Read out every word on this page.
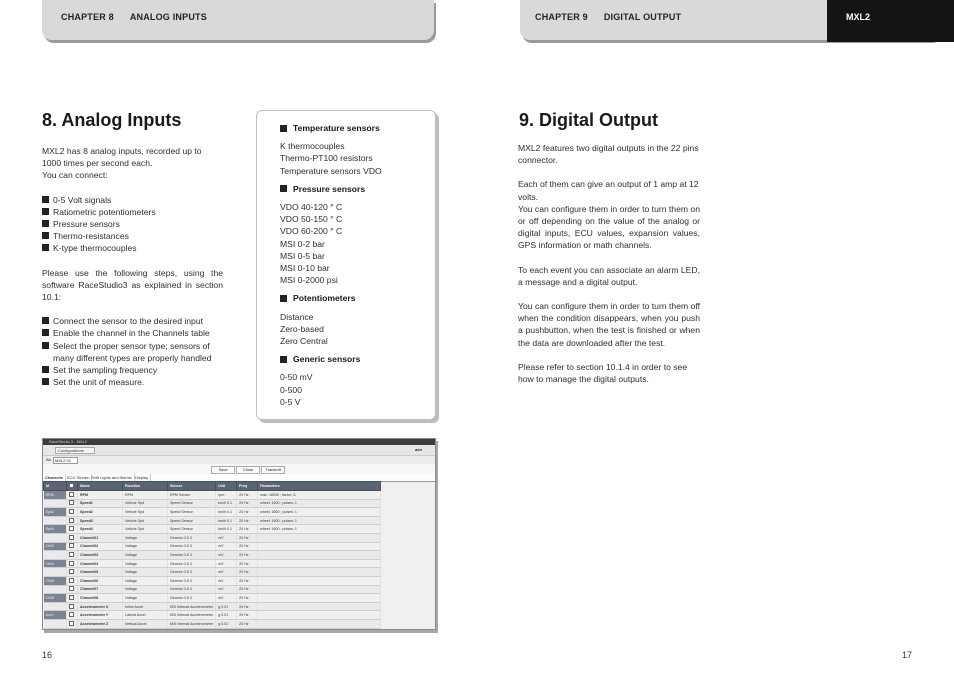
CHAPTER 8 ANALOG INPUTS	CHAPTER 9 DIGITAL OUTPUT	MXL2
8. Analog Inputs

MXL2 has 8 analog inputs, recorded up to 1000 times per second each.

You can connect:

0-5 Volt signals
Ratiometric potentiometers
Pressure sensors
Thermo-resistances
K-type thermocouples

Please use the following steps, using the software RaceStudio3 as explained in section 10.1:

Connect the sensor to the desired input
Enable the channel in the Channels table
Select the proper sensor type; sensors of many different types are properly handled
Set the sampling frequency
Set the unit of measure.
Temperature sensors
K thermocouples
Thermo-PT100 resistors
Temperature sensors VDO
Pressure sensors
VDO 40-120 ° C
VDO 50-150 ° C
VDO 60-200 ° C
MSI 0-2 bar
MSI 0-5 bar
MSI 0-10 bar
MSI 0-2000 psi
Potentiometers
Distance
Zero-based
Zero Central
Generic sensors
0-50 mV
0-500
0-5 V
RaceStudio 3 - MXL2
Configurations	aim
Ab	MXL2 01
Save	Close	Transmit
Channels ECU Stream Shift Lights and Alarms Display
Id		Name	Function	Sensor	Unit	Freq	Parameters
RPM		RPM	RPM	RPM Sensor	rpm	20 Hz	max: 16000 ; factor: /1
Spd1		Speed1	Vehicle Spd	Speed Sensor	km/h 0.1	20 Hz	wheel: 1600 ; pulses: 1
Spd2		Speed2	Vehicle Spd	Speed Sensor	km/h 0.1	20 Hz	wheel: 1600 ; pulses: 1
Spd3		Speed3	Vehicle Spd	Speed Sensor	km/h 0.1	20 Hz	wheel: 1600 ; pulses: 1
Spd4		Speed4	Vehicle Spd	Speed Sensor	km/h 0.1	20 Hz	wheel: 1600 ; pulses: 1
Ch01		Channel01	Voltage	Generic 0-5 V	mV	20 Hz	
Ch02		Channel02	Voltage	Generic 0-5 V	mV	20 Hz	
Ch03		Channel03	Voltage	Generic 0-5 V	mV	20 Hz	
Ch04		Channel04	Voltage	Generic 0-5 V	mV	20 Hz	
Ch05		Channel05	Voltage	Generic 0-5 V	mV	20 Hz	
Ch06		Channel06	Voltage	Generic 0-5 V	mV	20 Hz	
Ch07		Channel07	Voltage	Generic 0-5 V	mV	20 Hz	
Ch08		Channel08	Voltage	Generic 0-5 V	mV	20 Hz	
AccX		Accelerometer X	Inline Accel	MXl Internal Accelerometer	g 0.01	20 Hz	
AccY		Accelerometer Y	Lateral Accel	MXl Internal Accelerometer	g 0.01	20 Hz	
AccZ		Accelerometer Z	Vertical Accel	MXl Internal Accelerometer	g 0.01	20 Hz	
9. Digital Output

MXL2 features two digital outputs in the 22 pins connector.

Each of them can give an output of 1 amp at 12 volts.

You can configure them in order to turn them on or off depending on the value of the analog or digital inputs, ECU values, expansion values, GPS information or math channels.

To each event you can associate an alarm LED, a message and a digital output.

You can configure them in order to turn them off when the condition disappears, when you push a pushbutton, when the test is finished or when the data are downloaded after the test.

Please refer to section 10.1.4 in order to see how to manage the digital outputs.

16	17
